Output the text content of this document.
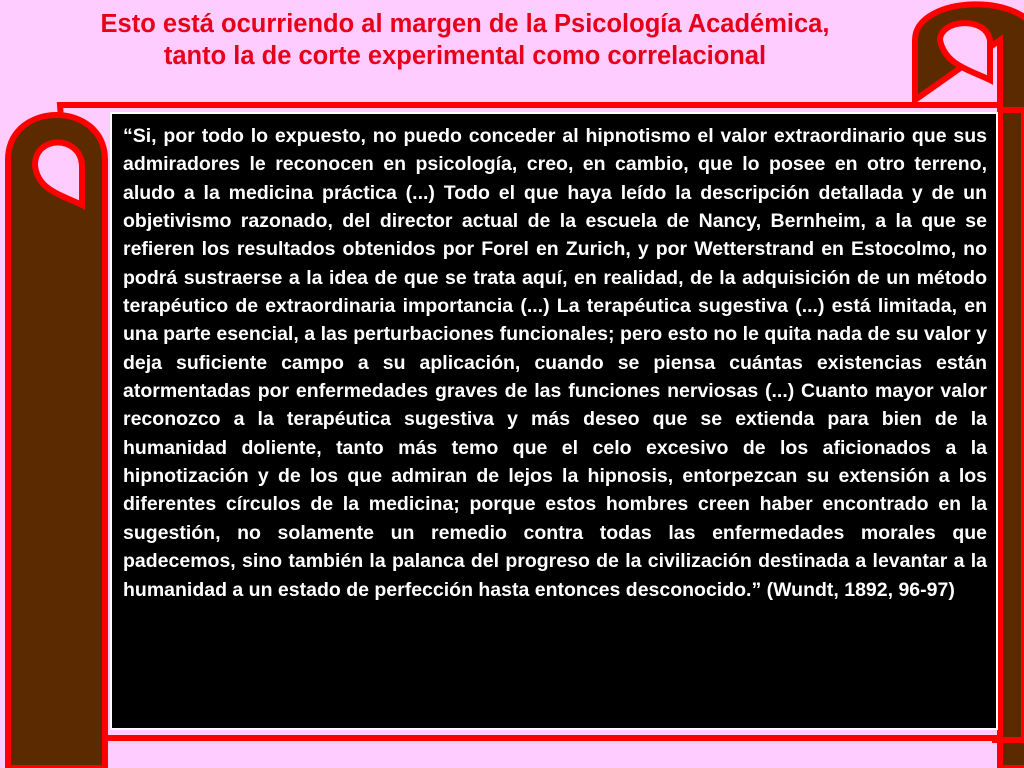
Esto está ocurriendo al margen de la Psicología Académica,
tanto la de corte experimental como correlacional

“Si, por todo lo expuesto, no puedo conceder al hipnotismo el valor extraordinario que sus admiradores le reconocen en psicología, creo, en cambio, que lo posee en otro terreno, aludo a la medicina práctica (...) Todo el que haya leído la descripción detallada y de un objetivismo razonado, del director actual de la escuela de Nancy, Bernheim, a la que se refieren los resultados obtenidos por Forel en Zurich, y por Wetterstrand en Estocolmo, no podrá sustraerse a la idea de que se trata aquí, en realidad, de la adquisición de un método terapéutico de extraordinaria importancia (...) La terapéutica sugestiva (...) está limitada, en una parte esencial, a las perturbaciones funcionales; pero esto no le quita nada de su valor y deja suficiente campo a su aplicación, cuando se piensa cuántas existencias están atormentadas por enfermedades graves de las funciones nerviosas (...) Cuanto mayor valor reconozco a la terapéutica sugestiva y más deseo que se extienda para bien de la humanidad doliente, tanto más temo que el celo excesivo de los aficionados a la hipnotización y de los que admiran de lejos la hipnosis, entorpezcan su extensión a los diferentes círculos de la medicina; porque estos hombres creen haber encontrado en la sugestión, no solamente un remedio contra todas las enfermedades morales que padecemos, sino también la palanca del progreso de la civilización destinada a levantar a la humanidad a un estado de perfección hasta entonces desconocido.” (Wundt, 1892, 96-97)
